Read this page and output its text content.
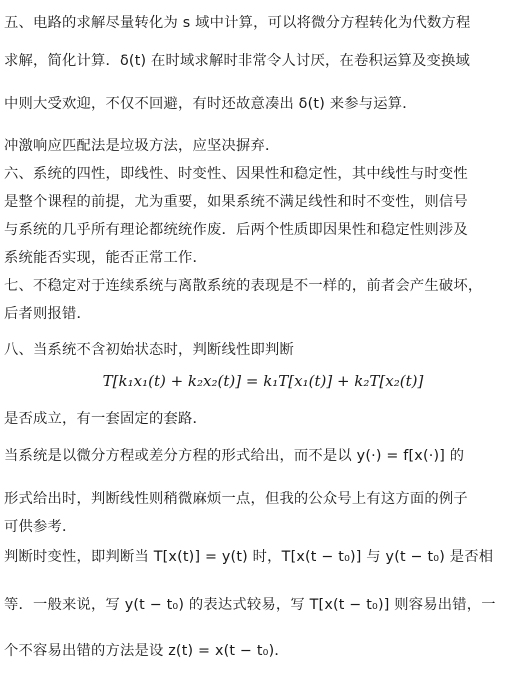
五、电路的求解尽量转化为 s 域中计算，可以将微分方程转化为代数方程
求解，简化计算．δ(t) 在时域求解时非常令人讨厌，在卷积运算及变换域
中则大受欢迎，不仅不回避，有时还故意凑出 δ(t) 来参与运算．
冲激响应匹配法是垃圾方法，应坚决摒弃．
六、系统的四性，即线性、时变性、因果性和稳定性，其中线性与时变性
是整个课程的前提，尤为重要，如果系统不满足线性和时不变性，则信号
与系统的几乎所有理论都统统作废．后两个性质即因果性和稳定性则涉及
系统能否实现，能否正常工作．
七、不稳定对于连续系统与离散系统的表现是不一样的，前者会产生破坏，
后者则报错．
八、当系统不含初始状态时，判断线性即判断
T[k₁x₁(t) + k₂x₂(t)] = k₁T[x₁(t)] + k₂T[x₂(t)]
是否成立，有一套固定的套路．
当系统是以微分方程或差分方程的形式给出，而不是以 y(·) = f[x(·)] 的
形式给出时，判断线性则稍微麻烦一点，但我的公众号上有这方面的例子
可供参考．
判断时变性，即判断当 T[x(t)] = y(t) 时，T[x(t − t₀)] 与 y(t − t₀) 是否相
等．一般来说，写 y(t − t₀) 的表达式较易，写 T[x(t − t₀)] 则容易出错，一
个不容易出错的方法是设 z(t) = x(t − t₀)．
